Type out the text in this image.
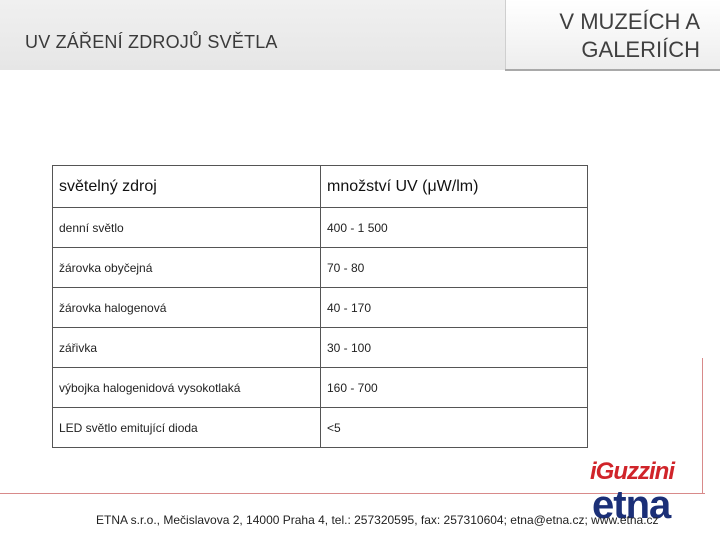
UV ZÁŘENÍ ZDROJŮ SVĚTLA
V MUZEÍCH A
GALERIÍCH
světelný zdroj	množství UV (μW/lm)
denní světlo	400 - 1 500
žárovka obyčejná	70 - 80
žárovka halogenová	40 - 170
zářivka	30 - 100
výbojka halogenidová vysokotlaká	160 - 700
LED světlo emitující dioda	<5
iGuzzini
etna
ETNA s.r.o., Mečislavova 2, 14000 Praha 4, tel.: 257320595, fax: 257310604; etna@etna.cz; www.etna.cz
